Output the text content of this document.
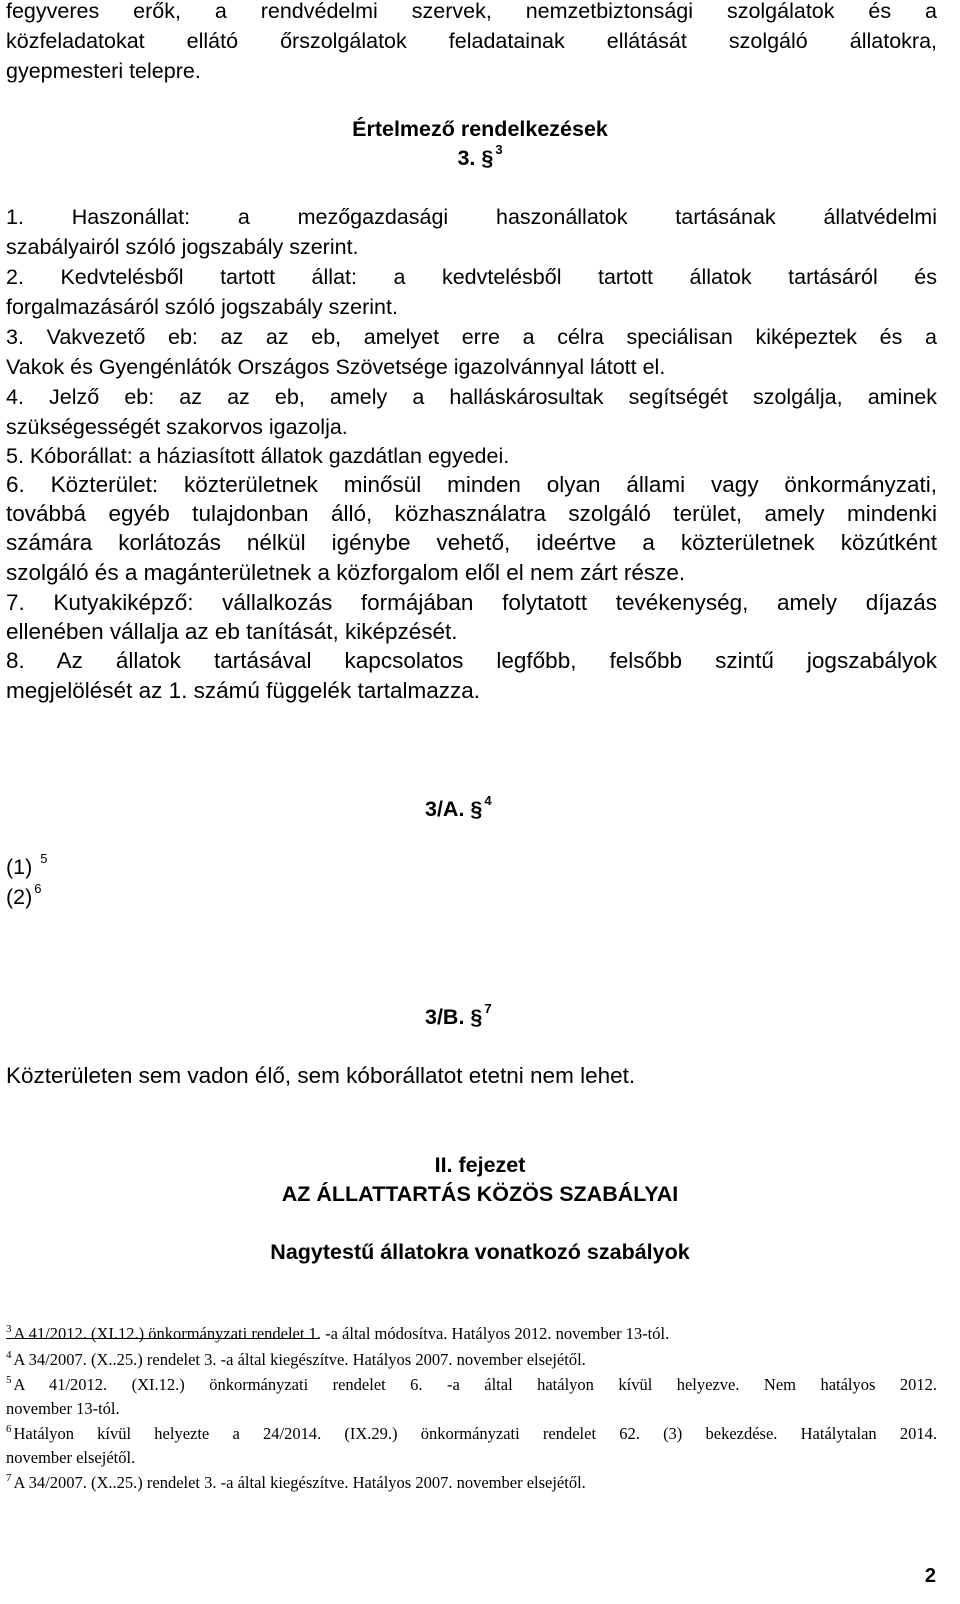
fegyveres erők, a rendvédelmi szervek, nemzetbiztonsági szolgálatok és a
közfeladatokat ellátó őrszolgálatok feladatainak ellátását szolgáló állatokra,
gyepmesteri telepre.
Értelmező rendelkezések
3. § $^3$
1. Haszonállat: a mezőgazdasági haszonállatok tartásának állatvédelmi
szabályairól szóló jogszabály szerint.
2. Kedvtelésből tartott állat: a kedvtelésből tartott állatok tartásáról és
forgalmazásáról szóló jogszabály szerint.
3. Vakvezető eb: az az eb, amelyet erre a célra speciálisan kiképeztek és a
Vakok és Gyengénlátók Országos Szövetsége igazolvánnyal látott el.
4. Jelző eb: az az eb, amely a halláskárosultak segítségét szolgálja, aminek
szükségességét szakorvos igazolja.
5. Kóborállat: a háziasított állatok gazdátlan egyedei.
6. Közterület: közterületnek minősül minden olyan állami vagy önkormányzati,
továbbá egyéb tulajdonban álló, közhasználatra szolgáló terület, amely mindenki
számára korlátozás nélkül igénybe vehető, ideértve a közterületnek közútként
szolgáló és a magánterületnek a közforgalom elől el nem zárt része.
7. Kutyakiképző: vállalkozás formájában folytatott tevékenység, amely díjazás
ellenében vállalja az eb tanítását, kiképzését.
8. Az állatok tartásával kapcsolatos legfőbb, felsőbb szintű jogszabályok
megjelölését az 1. számú függelék tartalmazza.
3/A. § $^4$
(1) $^5$
(2) $^6$
3/B. § $^7$
Közterületen sem vadon élő, sem kóborállatot etetni nem lehet.
II. fejezet
AZ ÁLLATTARTÁS KÖZÖS SZABÁLYAI
Nagytestű állatokra vonatkozó szabályok
$^3$ A 41/2012. (XI.12.) önkormányzati rendelet 1. -a által módosítva. Hatályos 2012. november 13-tól.
$^4$ A 34/2007. (X..25.) rendelet 3. -a által kiegészítve. Hatályos 2007. november elsejétől.
$^5$ A 41/2012. (XI.12.) önkormányzati rendelet 6. -a által hatályon kívül helyezve. Nem hatályos 2012.
november 13-tól.
$^6$ Hatályon kívül helyezte a 24/2014. (IX.29.) önkormányzati rendelet 62. (3) bekezdése. Hatálytalan 2014.
november elsejétől.
$^7$ A 34/2007. (X..25.) rendelet 3. -a által kiegészítve. Hatályos 2007. november elsejétől.
2
